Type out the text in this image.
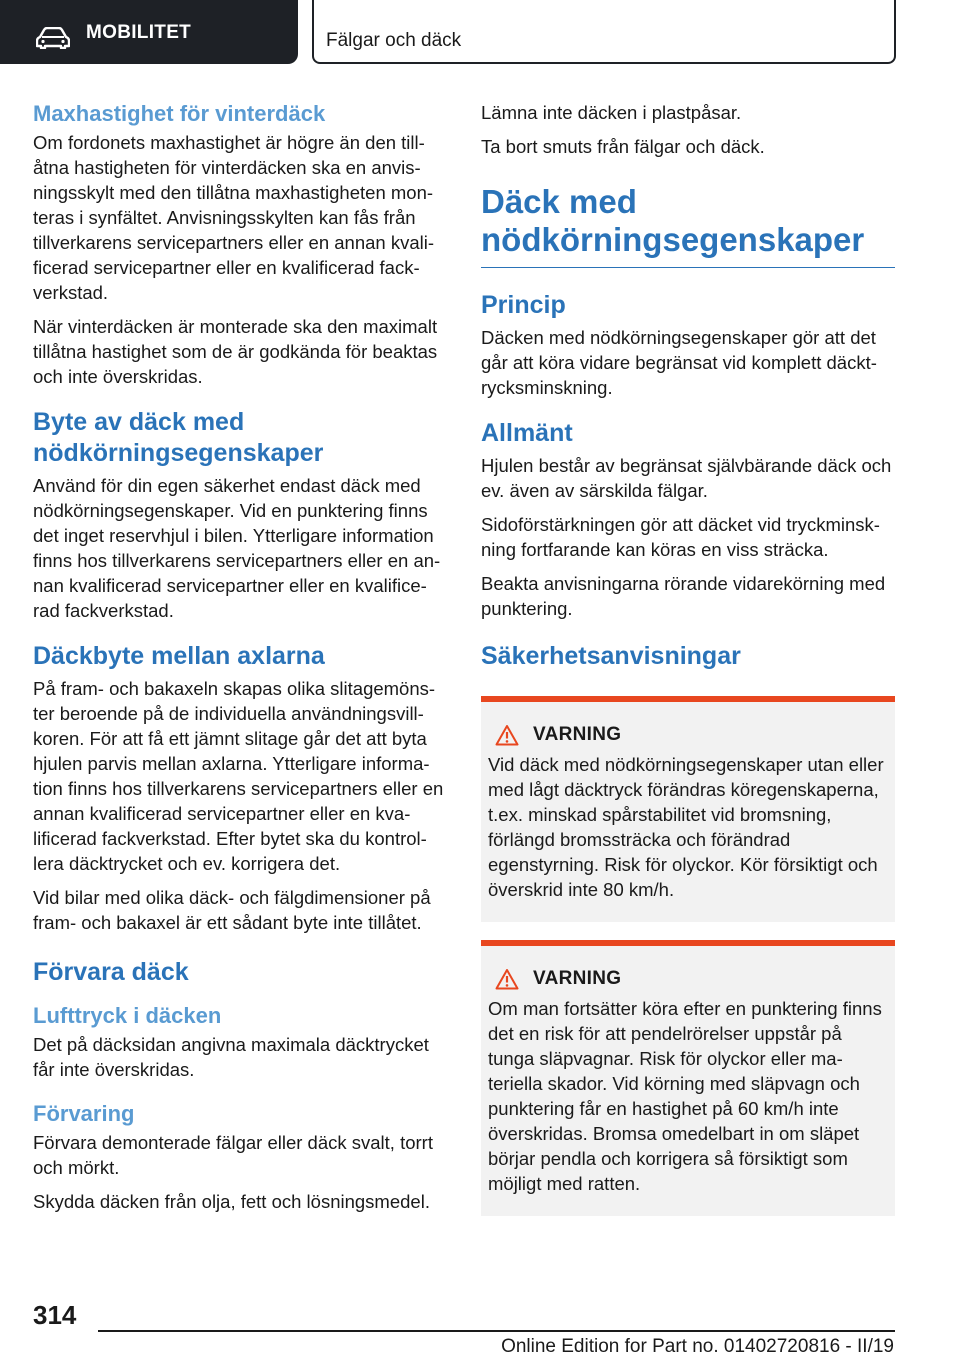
MOBILITET	Fälgar och däck
Maxhastighet för vinterdäck

Om fordonets maxhastighet är högre än den tillåtna hastigheten för vinterdäcken ska en anvisningsskylt med den tillåtna maxhastigheten monteras i synfältet. Anvisningsskylten kan fås från tillverkarens servicepartners eller en annan kvalificerad servicepartner eller en kvalificerad fackverkstad.

När vinterdäcken är monterade ska den maximalt tillåtna hastighet som de är godkända för beaktas och inte överskridas.

Byte av däck med nödkörningsegenskaper

Använd för din egen säkerhet endast däck med nödkörningsegenskaper. Vid en punktering finns det inget reservhjul i bilen. Ytterligare information finns hos tillverkarens servicepartners eller en annan kvalificerad servicepartner eller en kvalificerad fackverkstad.

Däckbyte mellan axlarna

På fram- och bakaxeln skapas olika slitagemönster beroende på de individuella användningsvillkoren. För att få ett jämnt slitage går det att byta hjulen parvis mellan axlarna. Ytterligare information finns hos tillverkarens servicepartners eller en annan kvalificerad servicepartner eller en kvalificerad fackverkstad. Efter bytet ska du kontrollera däcktrycket och ev. korrigera det.

Vid bilar med olika däck- och fälgdimensioner på fram- och bakaxel är ett sådant byte inte tillåtet.

Förvara däck
Lufttryck i däcken

Det på däcksidan angivna maximala däcktrycket får inte överskridas.

Förvaring

Förvara demonterade fälgar eller däck svalt, torrt och mörkt.

Skydda däcken från olja, fett och lösningsmedel.

Lämna inte däcken i plastpåsar.

Ta bort smuts från fälgar och däck.

Däck med nödkörningsegenskaper
Princip

Däcken med nödkörningsegenskaper gör att det går att köra vidare begränsat vid komplett däcktrycksminskning.

Allmänt

Hjulen består av begränsat självbärande däck och ev. även av särskilda fälgar.

Sidoförstärkningen gör att däcket vid tryckminskning fortfarande kan köras en viss sträcka.

Beakta anvisningarna rörande vidarekörning med punktering.

Säkerhetsanvisningar
VARNING

Vid däck med nödkörningsegenskaper utan eller med lågt däcktryck förändras köregenskaperna, t.ex. minskad spårstabilitet vid bromsning, förlängd bromssträcka och förändrad egenstyrning. Risk för olyckor. Kör försiktigt och överskrid inte 80 km/h.

VARNING

Om man fortsätter köra efter en punktering finns det en risk för att pendelrörelser uppstår på tunga släpvagnar. Risk för olyckor eller materiella skador. Vid körning med släpvagn och punktering får en hastighet på 60 km/h inte överskridas. Bromsa omedelbart in om släpet börjar pendla och korrigera så försiktigt som möjligt med ratten.

314
Online Edition for Part no. 01402720816 - II/19
